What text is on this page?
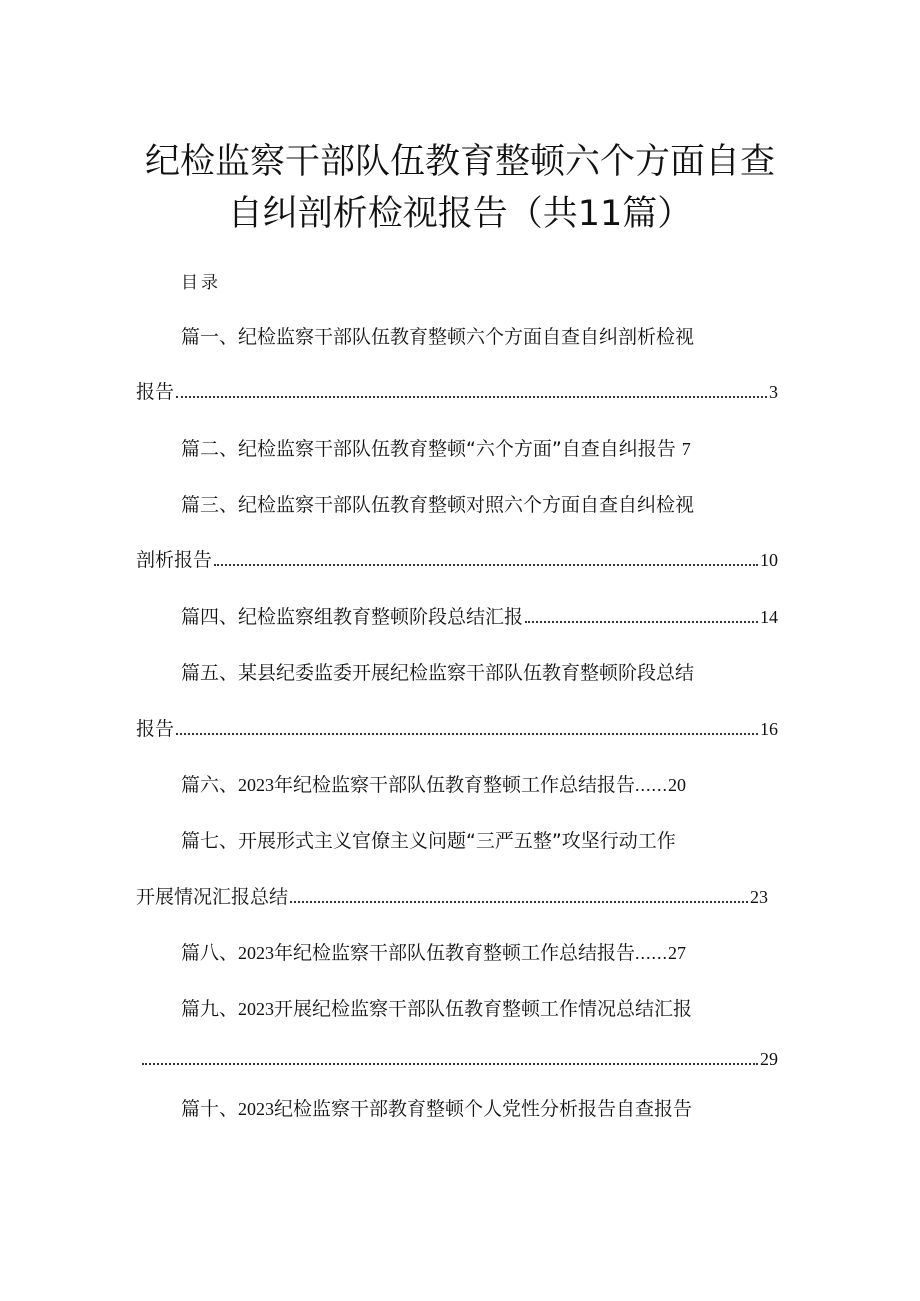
纪检监察干部队伍教育整顿六个方面自查
自纠剖析检视报告（共11篇）
目录
篇一、纪检监察干部队伍教育整顿六个方面自查自纠剖析检视
报告	3
篇二、纪检监察干部队伍教育整顿“六个方面”自查自纠报告 7
篇三、纪检监察干部队伍教育整顿对照六个方面自查自纠检视
剖析报告	10
篇四、纪检监察组教育整顿阶段总结汇报	14
篇五、某县纪委监委开展纪检监察干部队伍教育整顿阶段总结
报告	16
篇六、2023年纪检监察干部队伍教育整顿工作总结报告......20
篇七、开展形式主义官僚主义问题“三严五整”攻坚行动工作
开展情况汇报总结	23
篇八、2023年纪检监察干部队伍教育整顿工作总结报告......27
篇九、2023开展纪检监察干部队伍教育整顿工作情况总结汇报
29
篇十、2023纪检监察干部教育整顿个人党性分析报告自查报告
